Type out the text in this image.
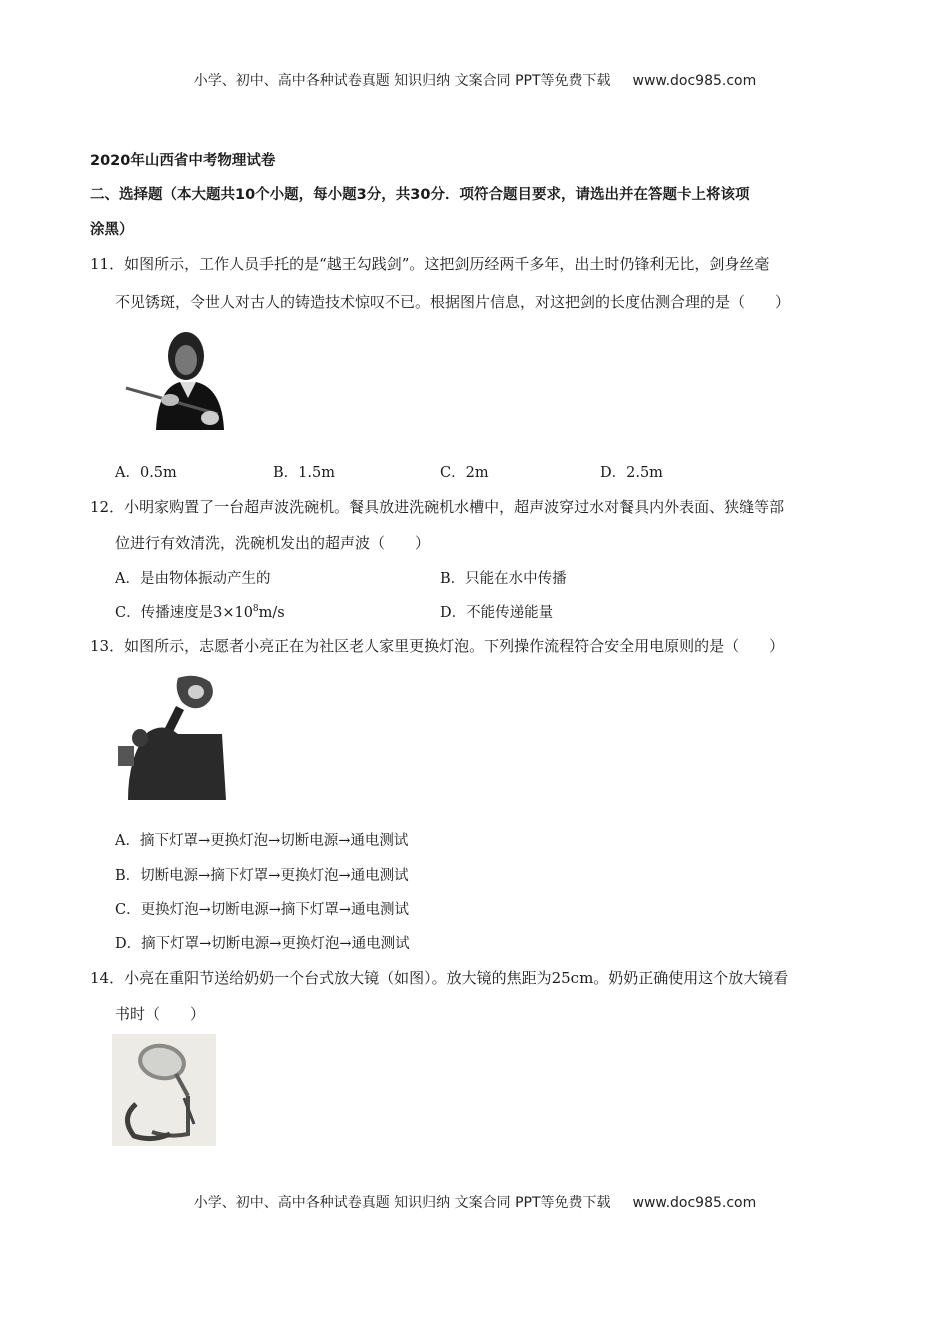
小学、初中、高中各种试卷真题 知识归纳 文案合同 PPT等免费下载 www.doc985.com
2020年山西省中考物理试卷
二、选择题（本大题共10个小题，每小题3分，共30分．项符合题目要求，请选出并在答题卡上将该项
涂黑）
11．如图所示，工作人员手托的是“越王勾践剑”。这把剑历经两千多年，出土时仍锋利无比，剑身丝毫
不见锈斑，令世人对古人的铸造技术惊叹不已。根据图片信息，对这把剑的长度估测合理的是（　　）
A．0.5m	B．1.5m	C．2m	D．2.5m
12．小明家购置了一台超声波洗碗机。餐具放进洗碗机水槽中，超声波穿过水对餐具内外表面、狭缝等部
位进行有效清洗，洗碗机发出的超声波（　　）
A．是由物体振动产生的	B．只能在水中传播
C．传播速度是$3\times 10^8m/s$	D．不能传递能量
13．如图所示，志愿者小亮正在为社区老人家里更换灯泡。下列操作流程符合安全用电原则的是（　　）
A．摘下灯罩→更换灯泡→切断电源→通电测试
B．切断电源→摘下灯罩→更换灯泡→通电测试
C．更换灯泡→切断电源→摘下灯罩→通电测试
D．摘下灯罩→切断电源→更换灯泡→通电测试
14．小亮在重阳节送给奶奶一个台式放大镜（如图）。放大镜的焦距为25cm。奶奶正确使用这个放大镜看
书时（　　）
小学、初中、高中各种试卷真题 知识归纳 文案合同 PPT等免费下载 www.doc985.com
